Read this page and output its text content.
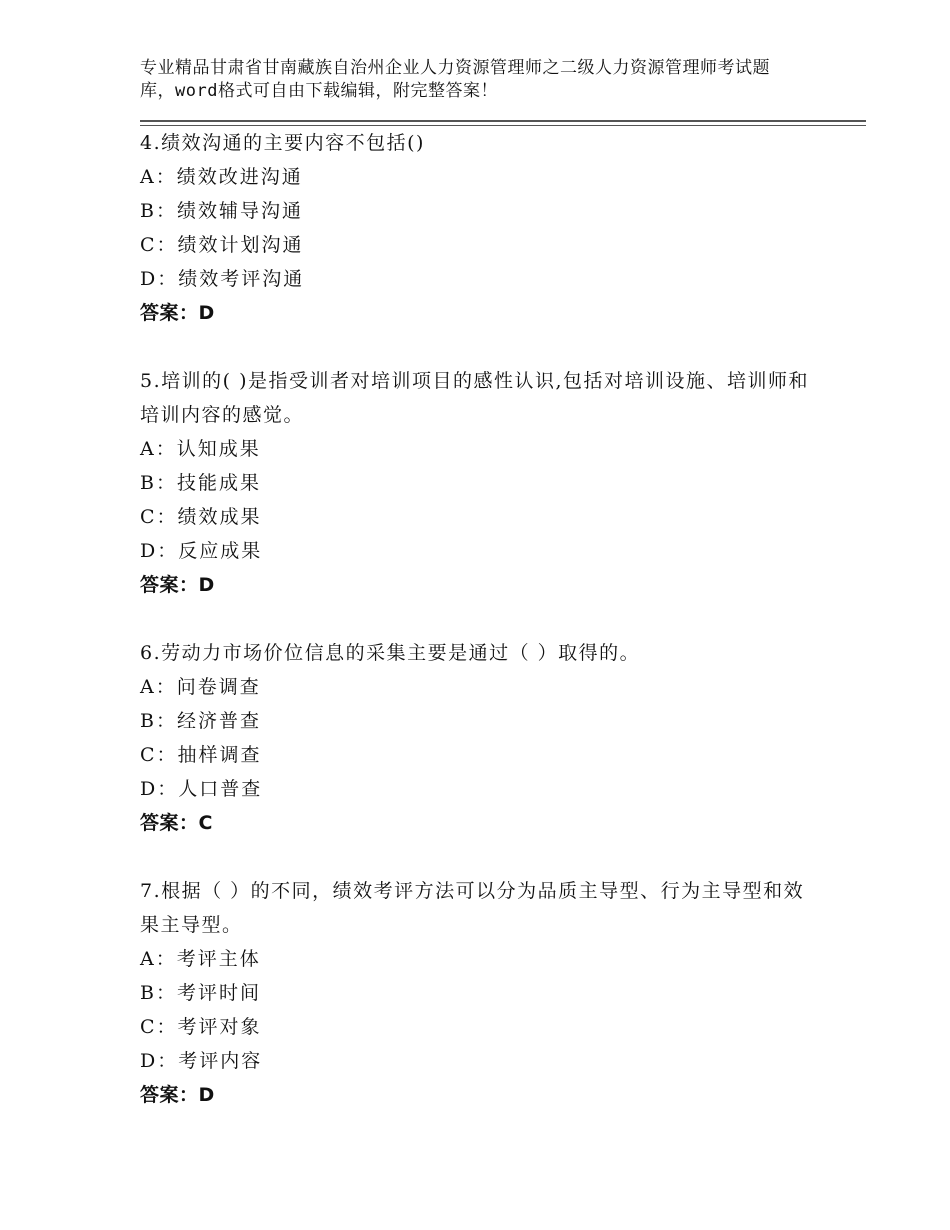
专业精品甘肃省甘南藏族自治州企业人力资源管理师之二级人力资源管理师考试题
库，word格式可自由下载编辑，附完整答案！
4.绩效沟通的主要内容不包括()
A：绩效改进沟通
B：绩效辅导沟通
C：绩效计划沟通
D：绩效考评沟通
答案：D
5.培训的( )是指受训者对培训项目的感性认识,包括对培训设施、培训师和培训内容的感觉。
A：认知成果
B：技能成果
C：绩效成果
D：反应成果
答案：D
6.劳动力市场价位信息的采集主要是通过（ ）取得的。
A：问卷调查
B：经济普查
C：抽样调查
D：人口普查
答案：C
7.根据（ ）的不同，绩效考评方法可以分为品质主导型、行为主导型和效果主导型。
A：考评主体
B：考评时间
C：考评对象
D：考评内容
答案：D
